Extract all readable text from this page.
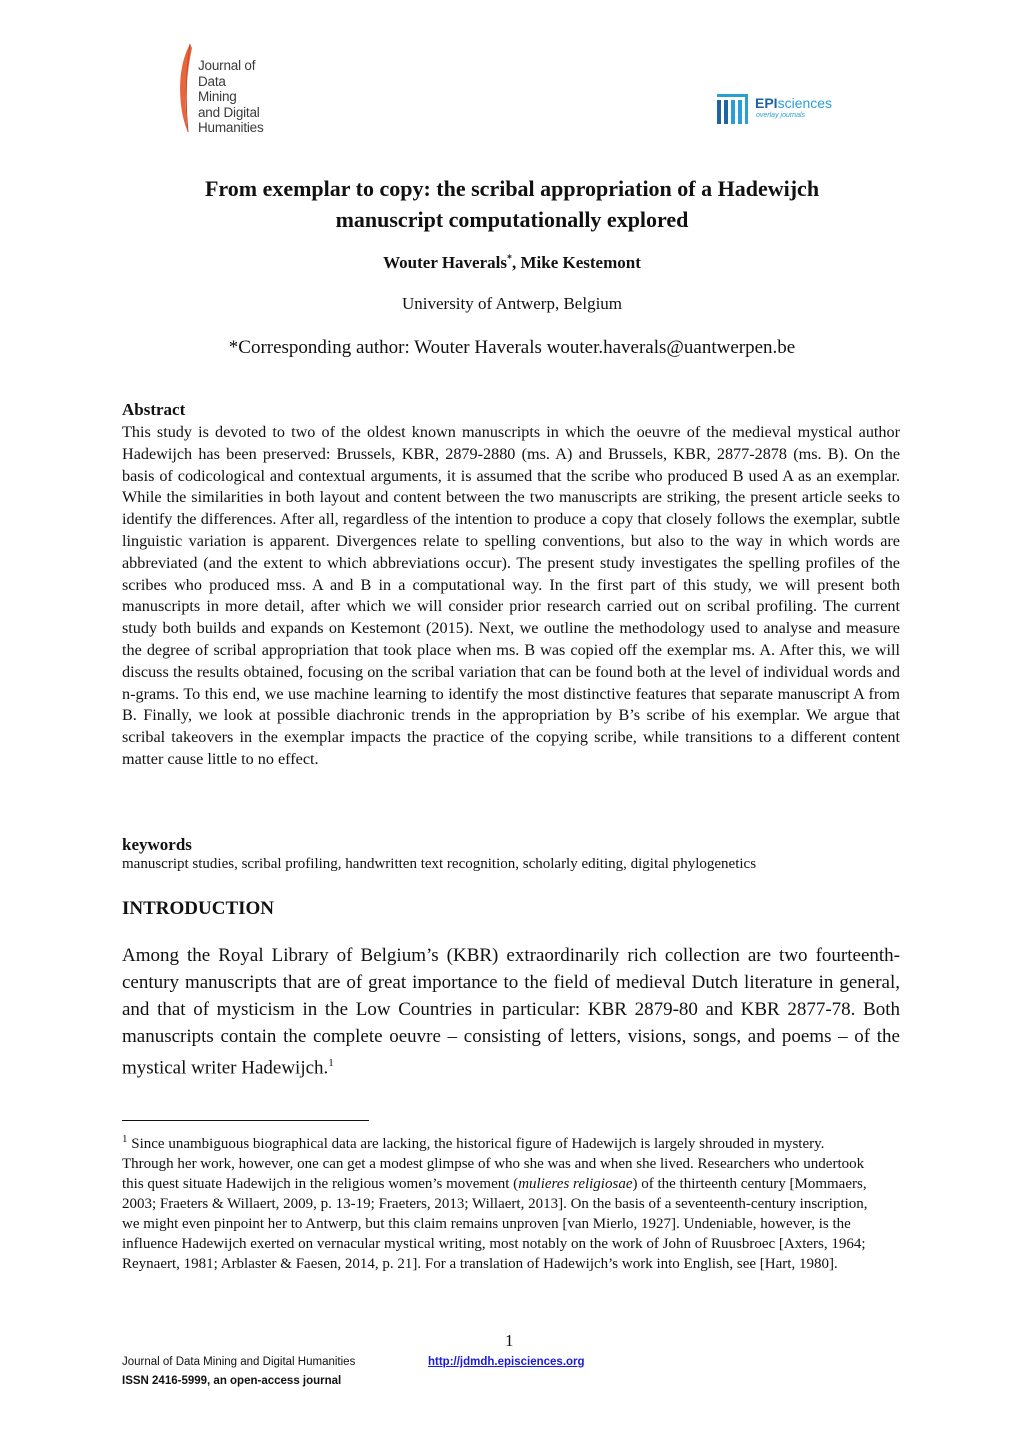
Journal of
Data Mining
and Digital
Humanities
EPIsciences
overlay journals
From exemplar to copy: the scribal appropriation of a Hadewijch
manuscript computationally explored
Wouter Haverals*, Mike Kestemont
University of Antwerp, Belgium
*Corresponding author: Wouter Haverals wouter.haverals@uantwerpen.be
Abstract
This study is devoted to two of the oldest known manuscripts in which the oeuvre of the medieval mystical author Hadewijch has been preserved: Brussels, KBR, 2879-2880 (ms. A) and Brussels, KBR, 2877-2878 (ms. B). On the basis of codicological and contextual arguments, it is assumed that the scribe who produced B used A as an exemplar. While the similarities in both layout and content between the two manuscripts are striking, the present article seeks to identify the differences. After all, regardless of the intention to produce a copy that closely follows the exemplar, subtle linguistic variation is apparent. Divergences relate to spelling conventions, but also to the way in which words are abbreviated (and the extent to which abbreviations occur). The present study investigates the spelling profiles of the scribes who produced mss. A and B in a computational way. In the first part of this study, we will present both manuscripts in more detail, after which we will consider prior research carried out on scribal profiling. The current study both builds and expands on Kestemont (2015). Next, we outline the methodology used to analyse and measure the degree of scribal appropriation that took place when ms. B was copied off the exemplar ms. A. After this, we will discuss the results obtained, focusing on the scribal variation that can be found both at the level of individual words and n-grams. To this end, we use machine learning to identify the most distinctive features that separate manuscript A from B. Finally, we look at possible diachronic trends in the appropriation by B’s scribe of his exemplar. We argue that scribal takeovers in the exemplar impacts the practice of the copying scribe, while transitions to a different content matter cause little to no effect.
keywords
manuscript studies, scribal profiling, handwritten text recognition, scholarly editing, digital phylogenetics
INTRODUCTION
Among the Royal Library of Belgium’s (KBR) extraordinarily rich collection are two fourteenth-century manuscripts that are of great importance to the field of medieval Dutch literature in general, and that of mysticism in the Low Countries in particular: KBR 2879-80 and KBR 2877-78. Both manuscripts contain the complete oeuvre – consisting of letters, visions, songs, and poems – of the mystical writer Hadewijch.$^1$
$^1$ Since unambiguous biographical data are lacking, the historical figure of Hadewijch is largely shrouded in mystery. Through her work, however, one can get a modest glimpse of who she was and when she lived. Researchers who undertook this quest situate Hadewijch in the religious women’s movement (mulieres religiosae) of the thirteenth century [Mommaers, 2003; Fraeters & Willaert, 2009, p. 13-19; Fraeters, 2013; Willaert, 2013]. On the basis of a seventeenth-century inscription, we might even pinpoint her to Antwerp, but this claim remains unproven [van Mierlo, 1927]. Undeniable, however, is the influence Hadewijch exerted on vernacular mystical writing, most notably on the work of John of Ruusbroec [Axters, 1964; Reynaert, 1981; Arblaster & Faesen, 2014, p. 21]. For a translation of Hadewijch’s work into English, see [Hart, 1980].
1
Journal of Data Mining and Digital Humanities	http://jdmdh.episciences.org
ISSN 2416-5999, an open-access journal
